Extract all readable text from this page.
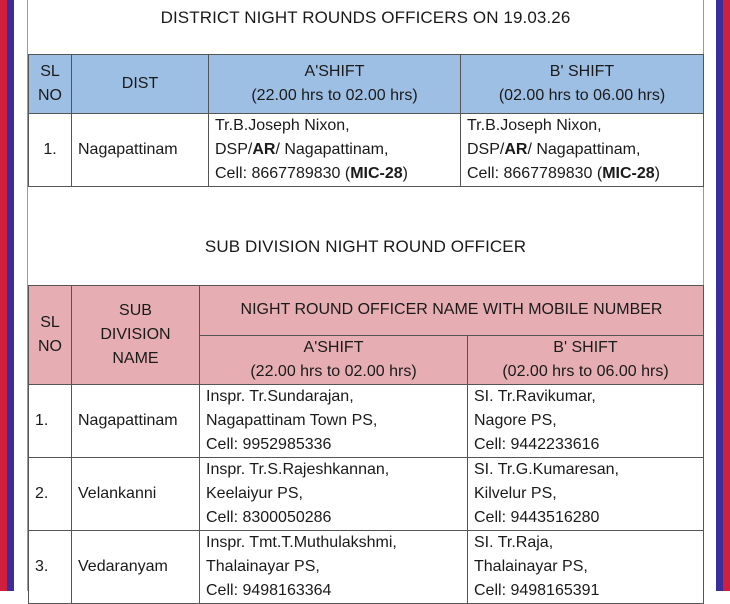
DISTRICT NIGHT ROUNDS OFFICERS ON 19.03.26
SL
NO	DIST	A'SHIFT
(22.00 hrs to 02.00 hrs)	B' SHIFT
(02.00 hrs to 06.00 hrs)

1.	Nagapattinam	Tr.B.Joseph Nixon,
DSP/AR/ Nagapattinam,
Cell: 8667789830 (MIC-28)	Tr.B.Joseph Nixon,
DSP/AR/ Nagapattinam,
Cell: 8667789830 (MIC-28)
SUB DIVISION NIGHT ROUND OFFICER
SL
NO	SUB
DIVISION
NAME	NIGHT ROUND OFFICER NAME WITH MOBILE NUMBER	

		A'SHIFT
(22.00 hrs to 02.00 hrs)	B' SHIFT
(02.00 hrs to 06.00 hrs)

1.	Nagapattinam	Inspr. Tr.Sundarajan,
Nagapattinam Town PS,
Cell: 9952985336	SI. Tr.Ravikumar,
Nagore PS,
Cell: 9442233616

2.	Velankanni	Inspr. Tr.S.Rajeshkannan,
Keelaiyur PS,
Cell: 8300050286	SI. Tr.G.Kumaresan,
Kilvelur PS,
Cell: 9443516280

3.	Vedaranyam	Inspr. Tmt.T.Muthulakshmi,
Thalainayar PS,
Cell: 9498163364	SI. Tr.Raja,
Thalainayar PS,
Cell: 9498165391
